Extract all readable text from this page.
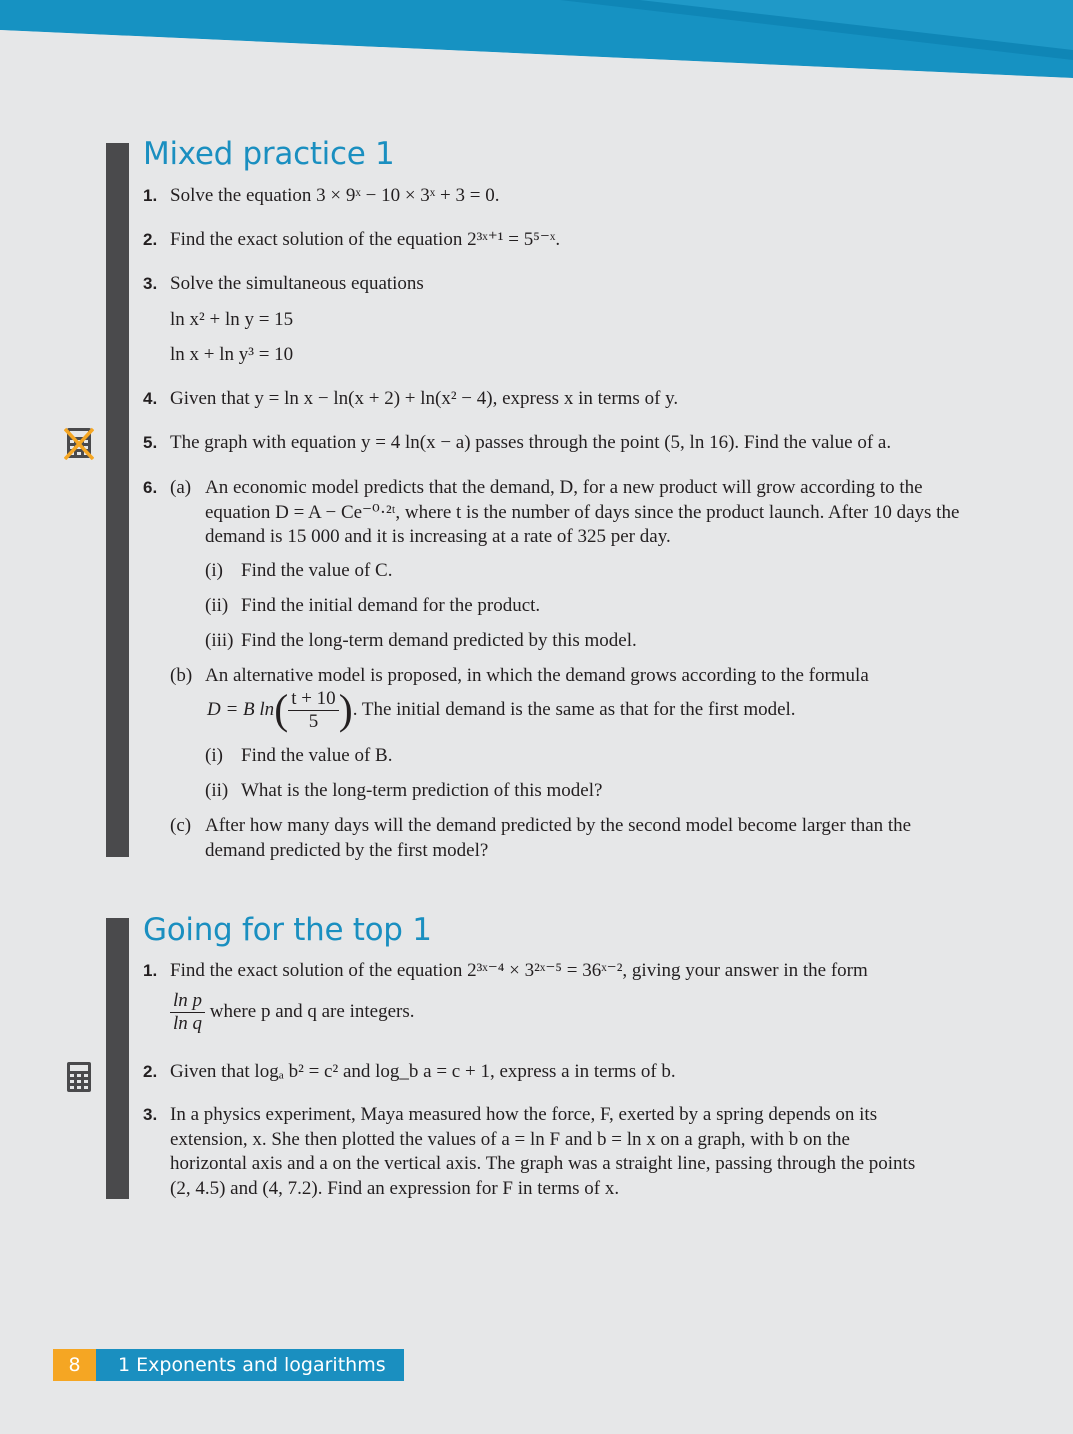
Mixed practice 1
1. Solve the equation 3 × 9ˣ − 10 × 3ˣ + 3 = 0.
2. Find the exact solution of the equation 2³ˣ⁺¹ = 5⁵⁻ˣ.
3. Solve the simultaneous equations
ln x² + ln y = 15
ln x + ln y³ = 10
4. Given that y = ln x − ln(x + 2) + ln(x² − 4), express x in terms of y.
5. The graph with equation y = 4 ln(x − a) passes through the point (5, ln 16). Find the value of a.
6. (a) An economic model predicts that the demand, D, for a new product will grow according to the equation D = A − Ce⁻⁰·²ᵗ, where t is the number of days since the product launch. After 10 days the demand is 15 000 and it is increasing at a rate of 325 per day.
(i) Find the value of C.
(ii) Find the initial demand for the product.
(iii) Find the long-term demand predicted by this model.
(b) An alternative model is proposed, in which the demand grows according to the formula
D = B $\ln( \frac{t + 10}{5}$ ). The initial demand is the same as that for the first model.
(i) Find the value of B.
(ii) What is the long-term prediction of this model?
(c) After how many days will the demand predicted by the second model become larger than the demand predicted by the first model?
Going for the top 1
1. Find the exact solution of the equation 2³ˣ⁻⁴ × 3²ˣ⁻⁵ = 36ˣ⁻², giving your answer in the form
$\frac{\text{ln p}}{\text{ln q}}$ where p and q are integers.
2. Given that logₐ b² = c² and log_b a = c + 1, express a in terms of b.
3. In a physics experiment, Maya measured how the force, F, exerted by a spring depends on its extension, x. She then plotted the values of a = ln F and b = ln x on a graph, with b on the horizontal axis and a on the vertical axis. The graph was a straight line, passing through the points (2, 4.5) and (4, 7.2). Find an expression for F in terms of x.
8	1 Exponents and logarithms
